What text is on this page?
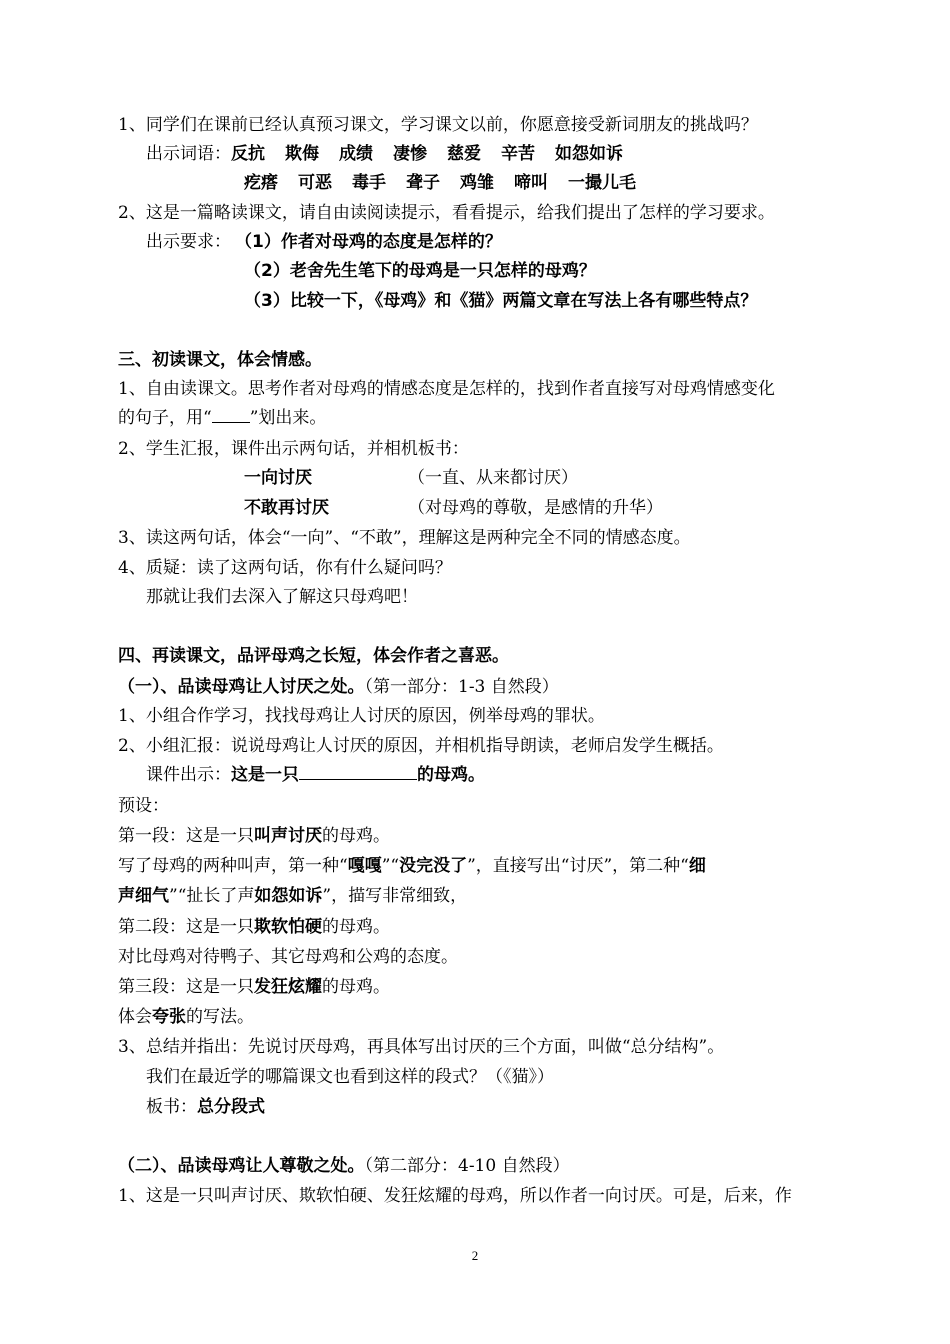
1、同学们在课前已经认真预习课文，学习课文以前，你愿意接受新词朋友的挑战吗？
出示词语：反抗 欺侮 成绩 凄惨 慈爱 辛苦 如怨如诉
疙瘩 可恶 毒手 聋子 鸡雏 啼叫 一撮儿毛
2、这是一篇略读课文，请自由读阅读提示，看看提示，给我们提出了怎样的学习要求。
出示要求： （1）作者对母鸡的态度是怎样的？
（2）老舍先生笔下的母鸡是一只怎样的母鸡？
（3）比较一下，《母鸡》和《猫》两篇文章在写法上各有哪些特点？
三、初读课文，体会情感。
1、自由读课文。思考作者对母鸡的情感态度是怎样的，找到作者直接写对母鸡情感变化
的句子，用“ ”划出来。
2、学生汇报，课件出示两句话，并相机板书：
一向讨厌	（一直、从来都讨厌）
不敢再讨厌	（对母鸡的尊敬，是感情的升华）
3、读这两句话，体会“一向”、“不敢”，理解这是两种完全不同的情感态度。
4、质疑：读了这两句话，你有什么疑问吗？
那就让我们去深入了解这只母鸡吧！
四、再读课文，品评母鸡之长短，体会作者之喜恶。
（一）、品读母鸡让人讨厌之处。（第一部分：1-3 自然段）
1、小组合作学习，找找母鸡让人讨厌的原因，例举母鸡的罪状。
2、小组汇报：说说母鸡让人讨厌的原因，并相机指导朗读，老师启发学生概括。
课件出示：这是一只	的母鸡。
预设：
第一段：这是一只叫声讨厌的母鸡。
写了母鸡的两种叫声，第一种“嘎嘎”“没完没了”，直接写出“讨厌”，第二种“细
声细气”“扯长了声如怨如诉”，描写非常细致，
第二段：这是一只欺软怕硬的母鸡。
对比母鸡对待鸭子、其它母鸡和公鸡的态度。
第三段：这是一只发狂炫耀的母鸡。
体会夸张的写法。
3、总结并指出：先说讨厌母鸡，再具体写出讨厌的三个方面，叫做“总分结构”。
我们在最近学的哪篇课文也看到这样的段式？（《猫》）
板书：总分段式
（二）、品读母鸡让人尊敬之处。（第二部分：4-10 自然段）
1、这是一只叫声讨厌、欺软怕硬、发狂炫耀的母鸡，所以作者一向讨厌。可是，后来，作
2
